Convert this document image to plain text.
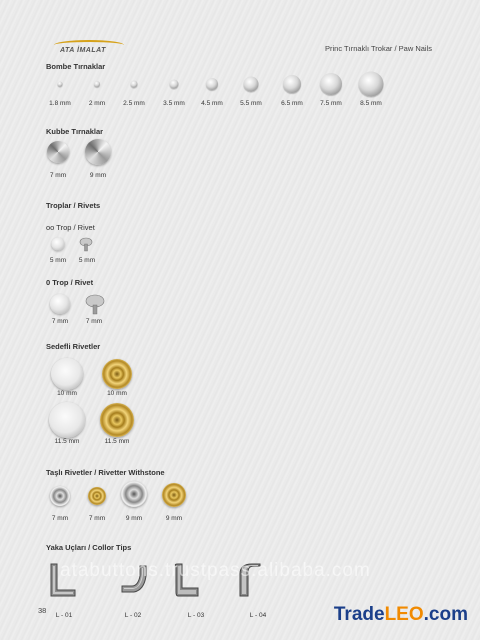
ATA İMALAT	Princ Tırnaklı Trokar / Paw Nails
Bombe Tırnaklar
1.8 mm	2 mm	2.5 mm	3.5 mm	4.5 mm	5.5 mm	6.5 mm	7.5 mm	8.5 mm
Kubbe Tırnaklar
7 mm	9 mm
Troplar / Rivets
oo Trop / Rivet
5 mm 5 mm
0 Trop / Rivet
7 mm	7 mm
Sedefli Rivetler
10 mm	10 mm
11.5 mm	11.5 mm
Taşlı Rivetler / Rivetter Withstone
7 mm	7 mm	9 mm	9 mm
Yaka Uçları / Collor Tips
L - 01	L - 02	L - 03	L - 04
atabuttons.trustpass.alibaba.com
38	TradeLEO.com
